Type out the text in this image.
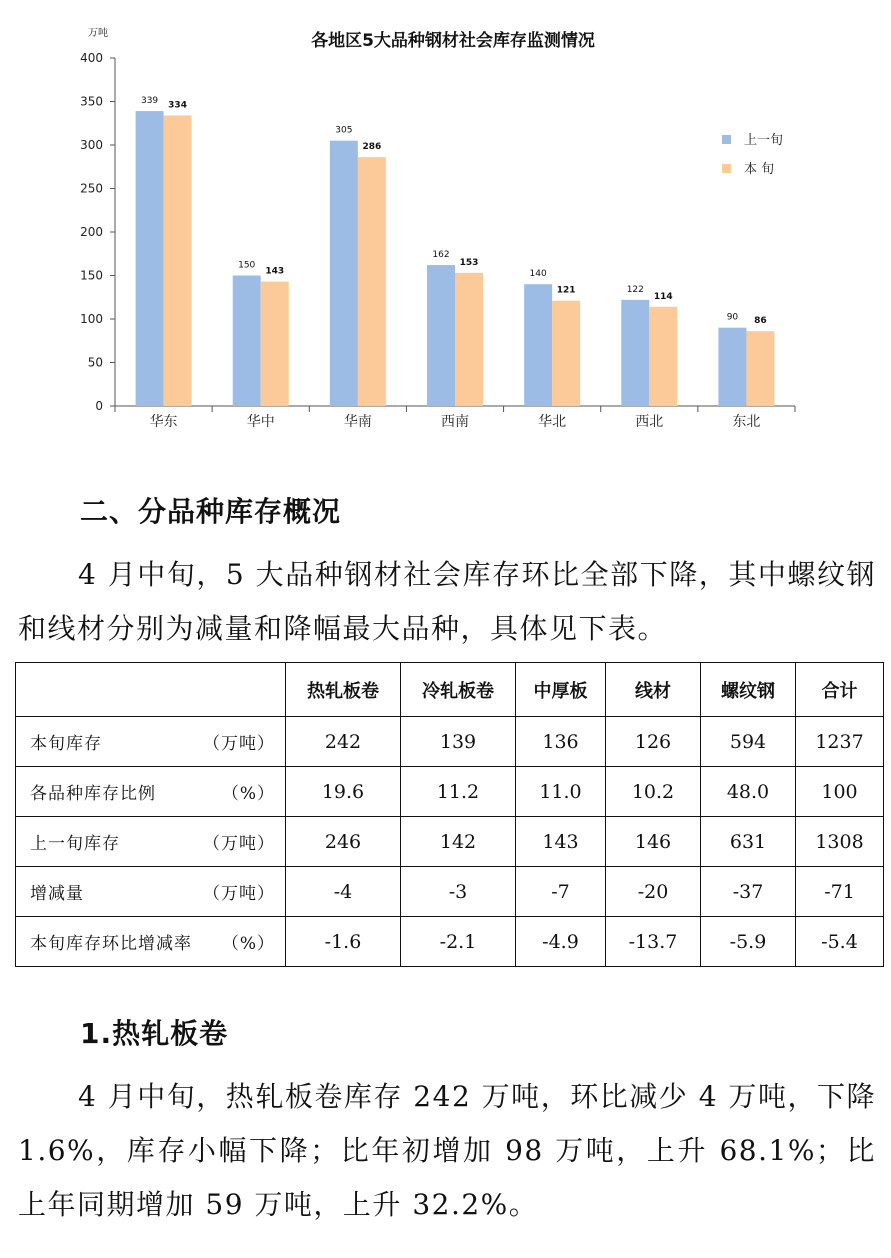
各地区5大品种钢材社会库存监测情况
万吨
0
50
100
150
200
250
300
350
400
华东
339 334
华中
150
143
华南
305
286
西南
162
153
华北
140
121
西北
122
114
东北
90 86
上一旬
本 旬
二、分品种库存概况

4 月中旬，5 大品种钢材社会库存环比全部下降，其中螺纹钢和线材分别为减量和降幅最大品种，具体见下表。

	热轧板卷	冷轧板卷	中厚板	线材	螺纹钢	合计

本旬库存 （万吨）	242	139	136	126	594	1237

各品种库存比例 （%）	19.6	11.2	11.0	10.2	48.0	100

上一旬库存 （万吨）	246	142	143	146	631	1308

增减量 （万吨）	-4	-3	-7	-20	-37	-71

本旬库存环比增减率 （%）	-1.6	-2.1	-4.9	-13.7	-5.9	-5.4
1.热轧板卷

4 月中旬，热轧板卷库存 242 万吨，环比减少 4 万吨，下降 1.6%，库存小幅下降；比年初增加 98 万吨，上升 68.1%；比上年同期增加 59 万吨，上升 32.2%。
